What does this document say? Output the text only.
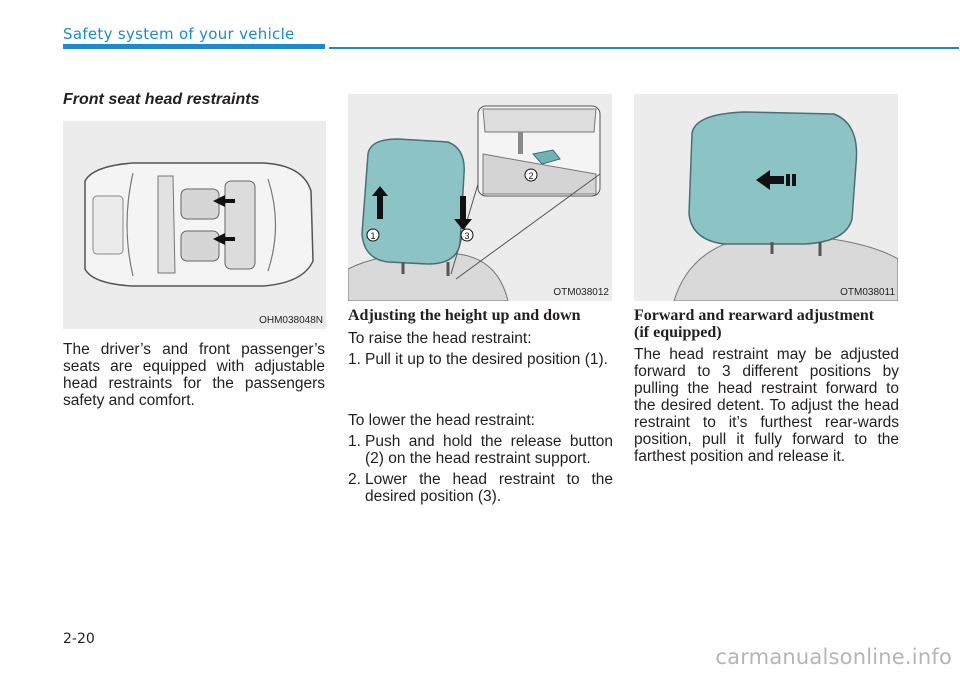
Safety system of your vehicle
Front seat head restraints
OHM038048N
The driver’s and front passenger’s seats are equipped with adjustable head restraints for the passengers safety and comfort.
1
2
3
OTM038012
Adjusting the height up and down
To raise the head restraint:
1. Pull it up to the desired position (1).
To lower the head restraint:
1. Push and hold the release button (2) on the head restraint support.
2. Lower the head restraint to the desired position (3).
OTM038011
Forward and rearward adjustment
(if equipped)
The head restraint may be adjusted forward to 3 different positions by pulling the head restraint forward to the desired detent. To adjust the head restraint to it’s furthest rear-wards position, pull it fully forward to the farthest position and release it.
2-20
carmanualsonline.info
